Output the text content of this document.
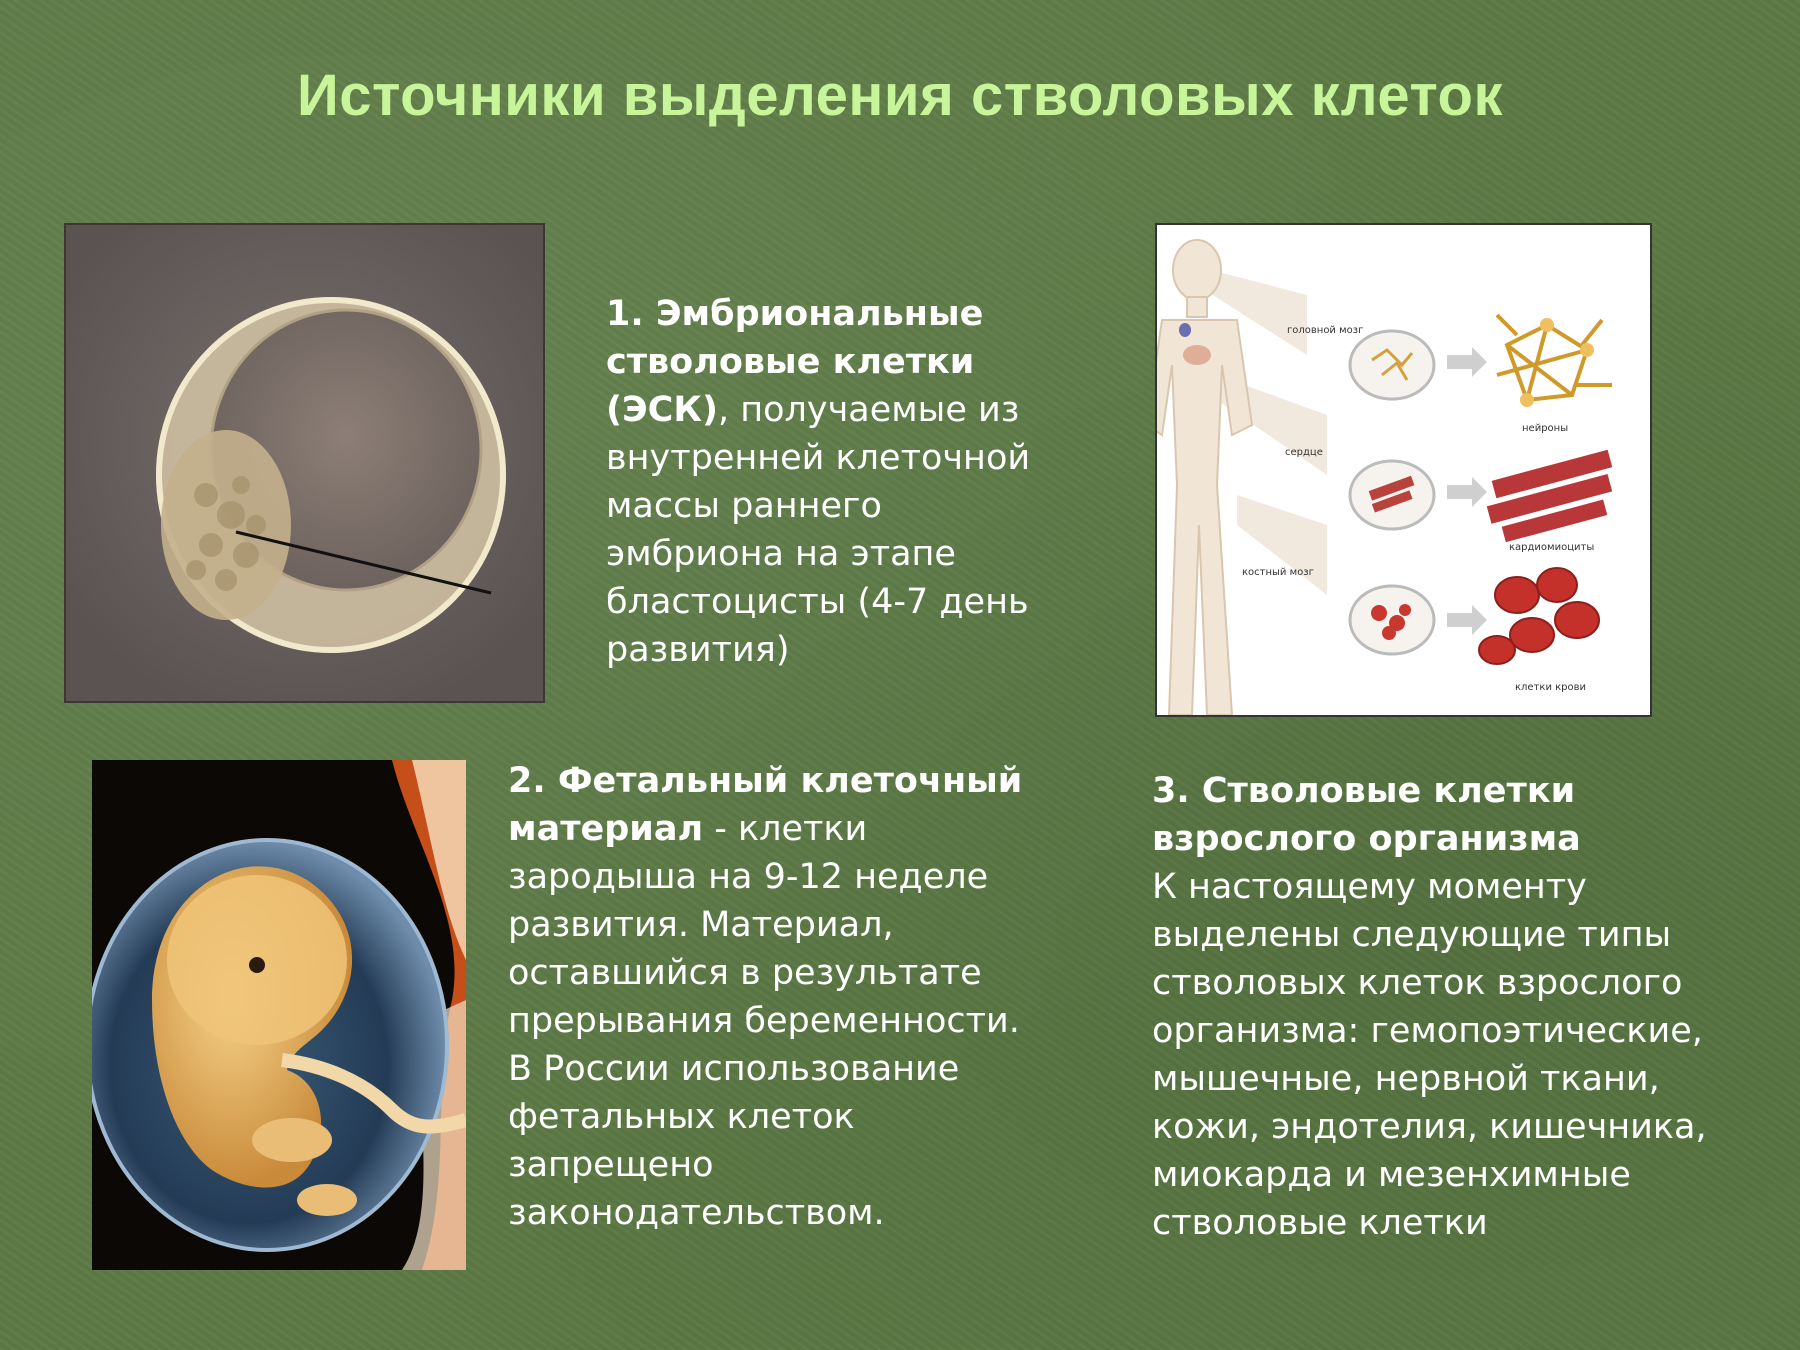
Источники выделения стволовых клеток
1. Эмбриональные стволовые клетки (ЭСК), получаемые из внутренней клеточной массы раннего эмбриона на этапе бластоцисты (4-7 день развития)
головной мозг
сердце
костный мозг
нейроны
кардиомиоциты
клетки крови
2. Фетальный клеточный материал - клетки зародыша на 9-12 неделе развития. Материал, оставшийся в результате прерывания беременности. В России использование фетальных клеток запрещено законодательством.
3. Стволовые клетки взрослого организма
К настоящему моменту выделены следующие типы стволовых клеток взрослого организма: гемопоэтические, мышечные, нервной ткани, кожи, эндотелия, кишечника, миокарда и мезенхимные стволовые клетки
